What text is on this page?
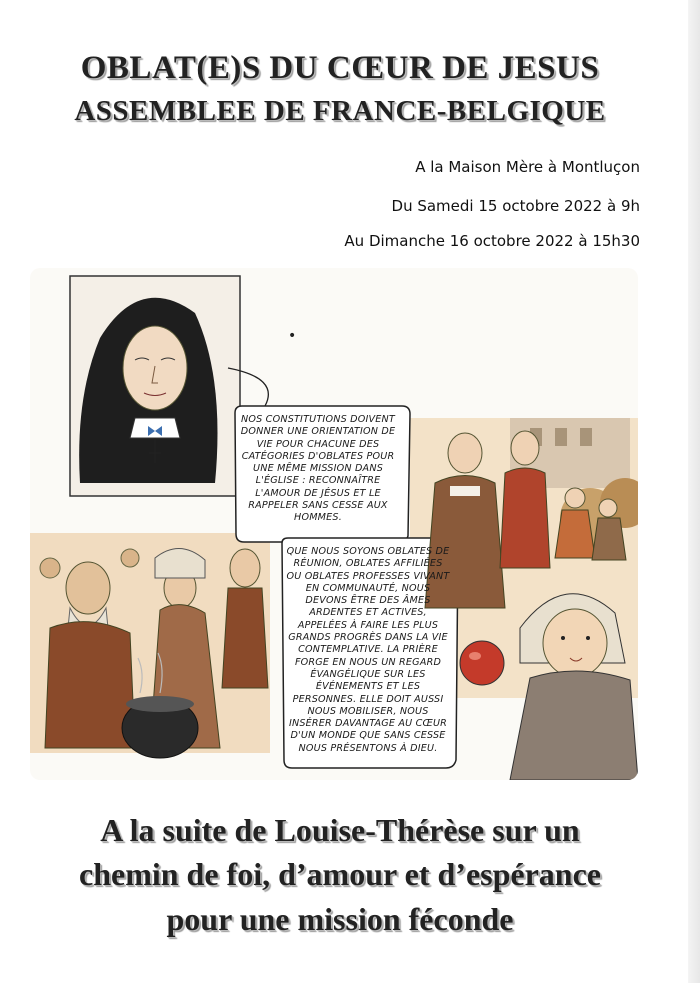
OBLAT(E)S DU CŒUR DE JESUS
ASSEMBLEE DE FRANCE-BELGIQUE
A la Maison Mère à Montluçon
Du Samedi 15 octobre 2022 à 9h
Au Dimanche 16 octobre 2022 à 15h30
•
NOS CONSTITUTIONS DOIVENT DONNER UNE ORIENTATION DE VIE POUR CHACUNE DES CATÉGORIES D'OBLATES POUR UNE MÊME MISSION DANS L'ÉGLISE : RECONNAÎTRE L'AMOUR DE JÉSUS ET LE RAPPELER SANS CESSE AUX HOMMES.
QUE NOUS SOYONS OBLATES DE RÉUNION, OBLATES AFFILIÉES OU OBLATES PROFESSES VIVANT EN COMMUNAUTÉ, NOUS DEVONS ÊTRE DES ÂMES ARDENTES ET ACTIVES, APPELÉES À FAIRE LES PLUS GRANDS PROGRÈS DANS LA VIE CONTEMPLATIVE. LA PRIÈRE FORGE EN NOUS UN REGARD ÉVANGÉLIQUE SUR LES ÉVÉNEMENTS ET LES PERSONNES. ELLE DOIT AUSSI NOUS MOBILISER, NOUS INSÉRER DAVANTAGE AU CŒUR D'UN MONDE QUE SANS CESSE NOUS PRÉSENTONS À DIEU.
A la suite de Louise-Thérèse sur un
chemin de foi, d’amour et d’espérance
pour une mission féconde
